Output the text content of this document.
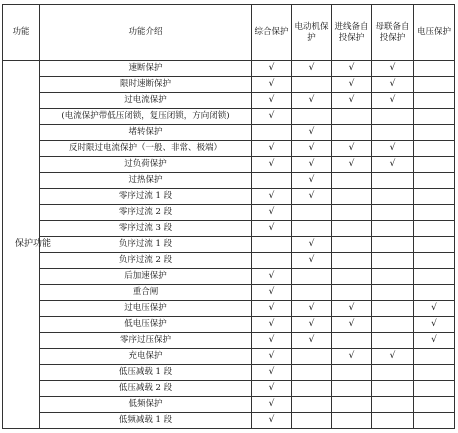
功能	功能介绍	综合保护	电动机保护	进线备自投保护	母联备自投保护	电压保护

保护功能	速断保护	√	√	√	√	
	限时速断保护	√		√	√	
	过电流保护	√	√	√	√	
	(电流保护带低压闭锁，复压闭锁，方向闭锁)	√				
	堵转保护		√			
	反时限过电流保护（一般、非常、极端）	√	√	√	√	
	过负荷保护	√	√	√	√	
	过热保护		√			
	零序过流 1 段	√	√			
	零序过流 2 段	√				
	零序过流 3 段	√				
	负序过流 1 段		√			
	负序过流 2 段		√			
	后加速保护	√				
	重合闸	√				
	过电压保护	√	√	√		√
	低电压保护	√	√	√		√
	零序过压保护	√	√			√
	充电保护	√		√	√	
	低压减载 1 段	√				
	低压减载 2 段	√				
	低频保护	√				
	低频减载 1 段	√				
